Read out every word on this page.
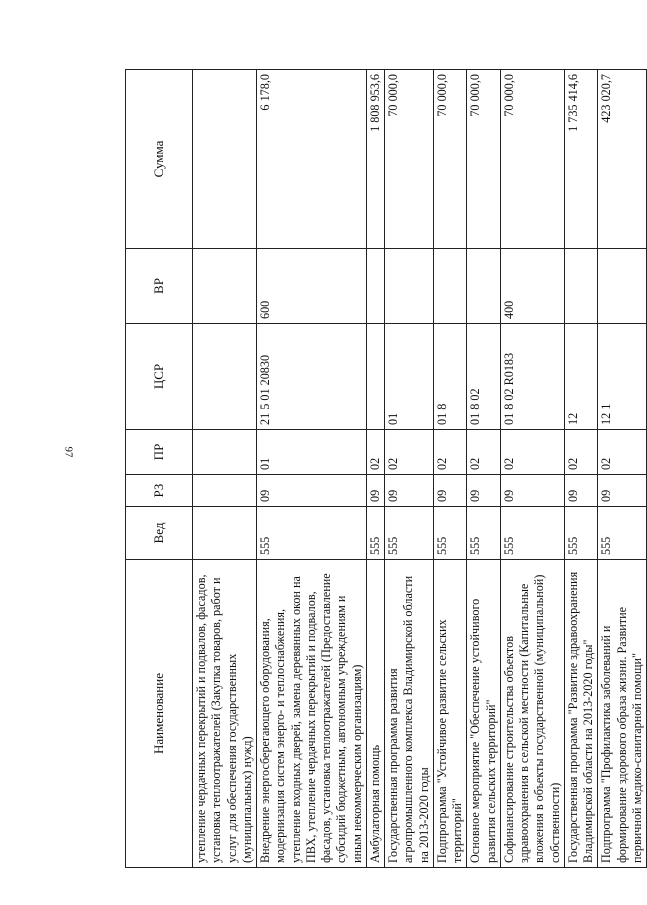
97
Наименование	Вед	РЗ	ПР	ЦСР	ВР	Сумма
утепление чердачных перекрытий и подвалов, фасадов, установка теплоотражателей (Закупка товаров, работ и услуг для обеспечения государственных (муниципальных) нужд)						
Внедрение энергосберегающего оборудования, модернизация систем энерго- и теплоснабжения, утепление входных дверей, замена деревянных окон на ПВХ, утепление чердачных перекрытий и подвалов, фасадов, установка теплоотражателей (Предоставление субсидий бюджетным, автономным учреждениям и иным некоммерческим организациям)	555	09	01	21 5 01 20830	600	6 178,0
Амбулаторная помощь	555	09	02			1 808 953,6
Государственная программа развития агропромышленного комплекса Владимирской области на 2013-2020 годы	555	09	02	01		70 000,0
Подпрограмма "Устойчивое развитие сельских территорий"	555	09	02	01 8		70 000,0
Основное мероприятие "Обеспечение устойчивого развития сельских территорий"	555	09	02	01 8 02		70 000,0
Софинансирование строительства объектов здравоохранения в сельской местности (Капитальные вложения в объекты государственной (муниципальной) собственности)	555	09	02	01 8 02 R0183	400	70 000,0
Государственная программа "Развитие здравоохранения Владимирской области на 2013-2020 годы"	555	09	02	12		1 735 414,6
Подпрограмма "Профилактика заболеваний и формирование здорового образа жизни. Развитие первичной медико-санитарной помощи"	555	09	02	12 1		423 020,7
